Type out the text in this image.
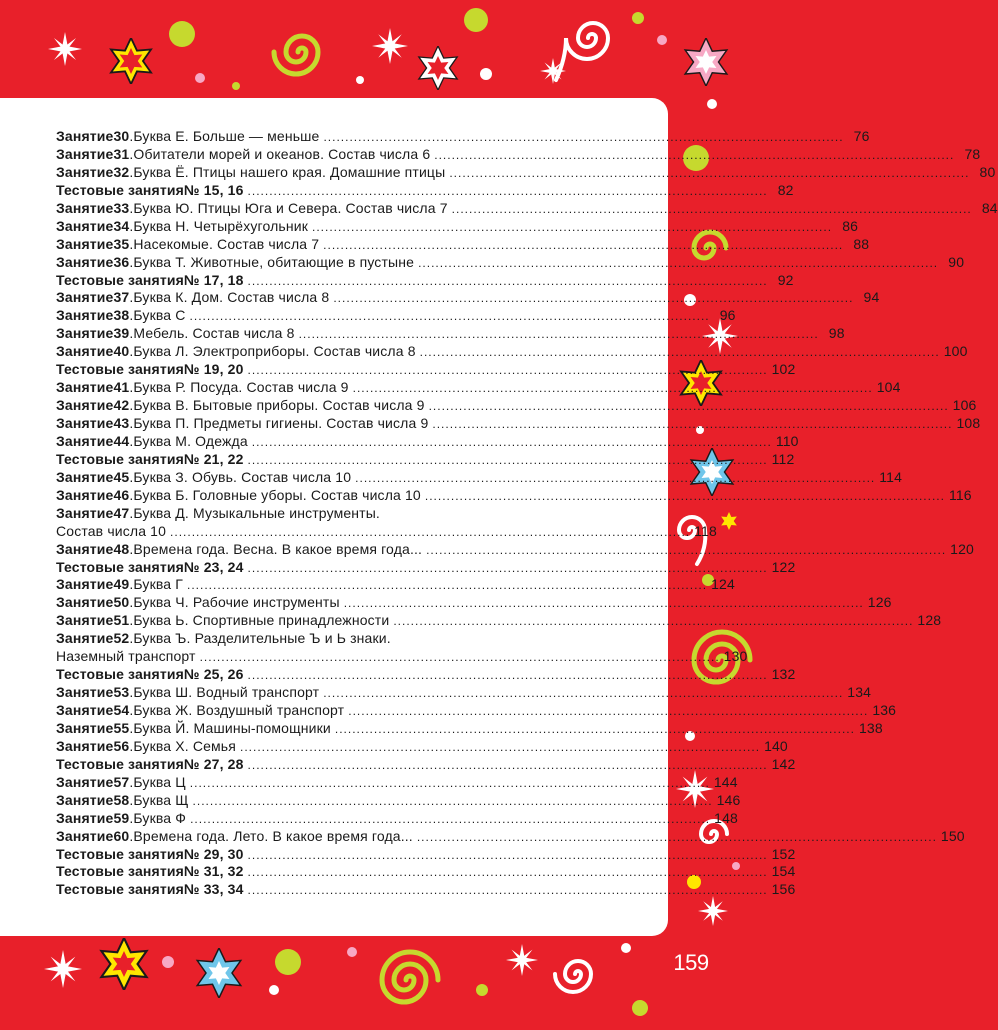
Занятие 30 . Буква Е. Больше — меньше ........................................................................................................................ 76
Занятие 31 . Обитатели морей и океанов. Состав числа 6 ........................................................................................................................ 78
Занятие 32 . Буква Ё. Птицы нашего края. Домашние птицы ........................................................................................................................ 80
Тестовые занятия № 15, 16 ........................................................................................................................ 82
Занятие 33 . Буква Ю. Птицы Юга и Севера. Состав числа 7 ........................................................................................................................ 84
Занятие 34 . Буква Н. Четырёхугольник ........................................................................................................................ 86
Занятие 35 . Насекомые. Состав числа 7 ........................................................................................................................ 88
Занятие 36 . Буква Т. Животные, обитающие в пустыне ........................................................................................................................ 90
Тестовые занятия № 17, 18 ........................................................................................................................ 92
Занятие 37 . Буква К. Дом. Состав числа 8 ........................................................................................................................ 94
Занятие 38 . Буква С ........................................................................................................................ 96
Занятие 39 . Мебель. Состав числа 8 ........................................................................................................................ 98
Занятие 40 . Буква Л. Электроприборы. Состав числа 8 ........................................................................................................................ 100
Тестовые занятия № 19, 20 ........................................................................................................................ 102
Занятие 41 . Буква Р. Посуда. Состав числа 9 ........................................................................................................................ 104
Занятие 42 . Буква В. Бытовые приборы. Состав числа 9 ........................................................................................................................ 106
Занятие 43 . Буква П. Предметы гигиены. Состав числа 9 ........................................................................................................................ 108
Занятие 44 . Буква М. Одежда ........................................................................................................................ 110
Тестовые занятия № 21, 22 ........................................................................................................................ 112
Занятие 45 . Буква З. Обувь. Состав числа 10 ........................................................................................................................ 114
Занятие 46 . Буква Б. Головные уборы. Состав числа 10 ........................................................................................................................ 116
Занятие 47 . Буква Д. Музыкальные инструменты.
Состав числа 10 ........................................................................................................................ 118
Занятие 48 . Времена года. Весна. В какое время года... ........................................................................................................................ 120
Тестовые занятия № 23, 24 ........................................................................................................................ 122
Занятие 49 . Буква Г ........................................................................................................................ 124
Занятие 50 . Буква Ч. Рабочие инструменты ........................................................................................................................ 126
Занятие 51 . Буква Ь. Спортивные принадлежности ........................................................................................................................ 128
Занятие 52 . Буква Ъ. Разделительные Ъ и Ь знаки.
Наземный транспорт ........................................................................................................................ 130
Тестовые занятия № 25, 26 ........................................................................................................................ 132
Занятие 53 . Буква Ш. Водный транспорт ........................................................................................................................ 134
Занятие 54 . Буква Ж. Воздушный транспорт ........................................................................................................................ 136
Занятие 55 . Буква Й. Машины-помощники ........................................................................................................................ 138
Занятие 56 . Буква Х. Семья ........................................................................................................................ 140
Тестовые занятия № 27, 28 ........................................................................................................................ 142
Занятие 57 . Буква Ц ........................................................................................................................ 144
Занятие 58 . Буква Щ ........................................................................................................................ 146
Занятие 59 . Буква Ф ........................................................................................................................ 148
Занятие 60 . Времена года. Лето. В какое время года... ........................................................................................................................ 150
Тестовые занятия № 29, 30 ........................................................................................................................ 152
Тестовые занятия № 31, 32 ........................................................................................................................ 154
Тестовые занятия № 33, 34 ........................................................................................................................ 156
159
